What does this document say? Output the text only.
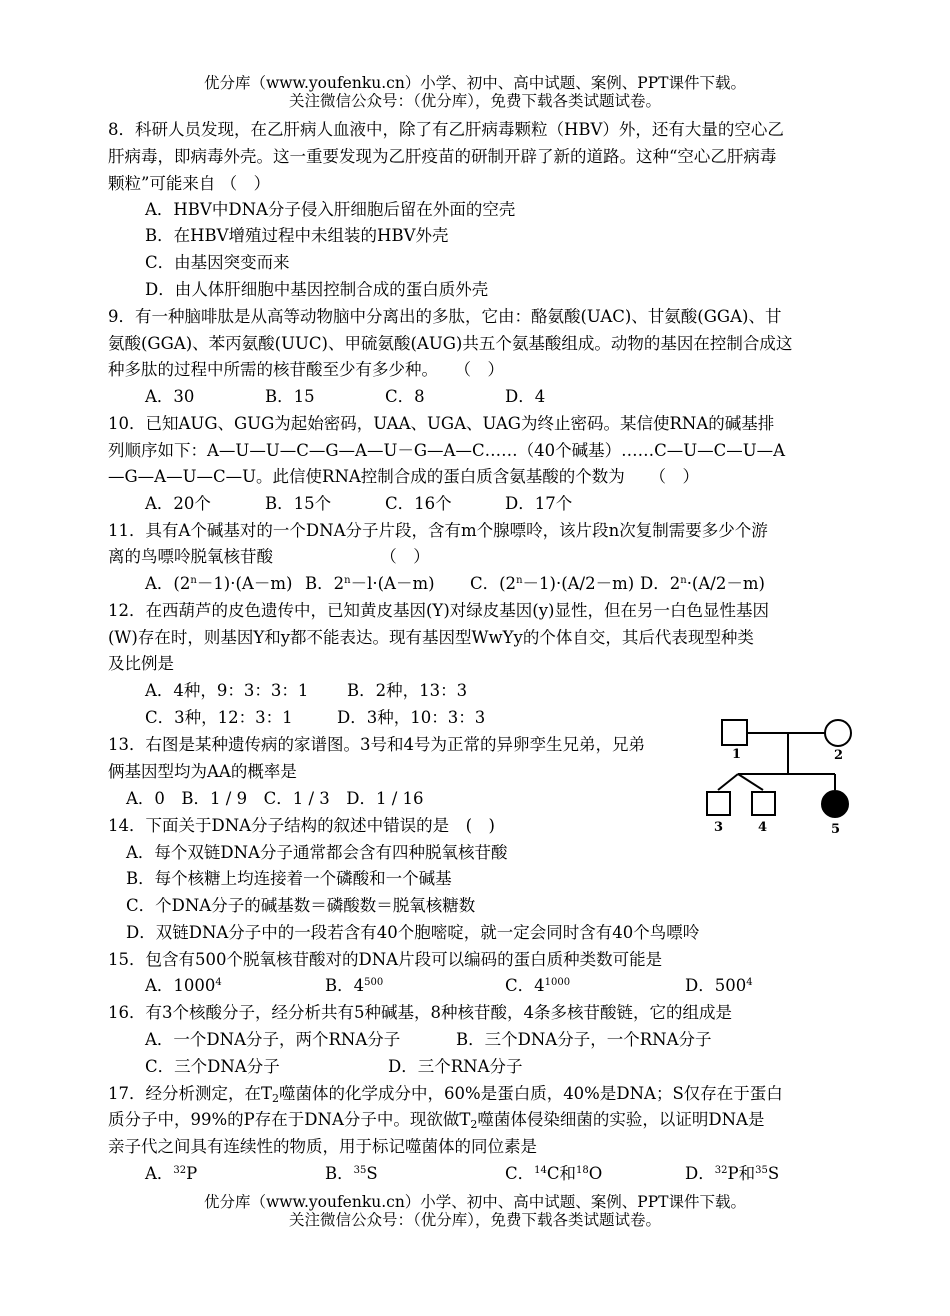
优分库（www.youfenku.cn）小学、初中、高中试题、案例、PPT课件下载。
关注微信公众号：（优分库），免费下载各类试题试卷。
8．科研人员发现，在乙肝病人血液中，除了有乙肝病毒颗粒（HBV）外，还有大量的空心乙
肝病毒，即病毒外壳。这一重要发现为乙肝疫苗的研制开辟了新的道路。这种“空心乙肝病毒
颗粒”可能来自 （　）
A．HBV中DNA分子侵入肝细胞后留在外面的空壳
B．在HBV增殖过程中未组装的HBV外壳
C．由基因突变而来
D．由人体肝细胞中基因控制合成的蛋白质外壳
9．有一种脑啡肽是从高等动物脑中分离出的多肽，它由：酪氨酸(UAC)、甘氨酸(GGA)、甘
氨酸(GGA)、苯丙氨酸(UUC)、甲硫氨酸(AUG)共五个氨基酸组成。动物的基因在控制合成这
种多肽的过程中所需的核苷酸至少有多少种。　　（　）
A．30	B．15	C．8	D．4
10．已知AUG、GUG为起始密码，UAA、UGA、UAG为终止密码。某信使RNA的碱基排
列顺序如下：A—U—U—C—G—A—U－G—A—C……（40个碱基）……C—U—C—U—A
—G—A—U—C—U。此信使RNA控制合成的蛋白质含氨基酸的个数为　　（　）
A．20个	B．15个	C．16个	D．17个
11．具有A个碱基对的一个DNA分子片段，含有m个腺嘌呤，该片段n次复制需要多少个游
离的鸟嘌呤脱氧核苷酸　　　　　　　（　）
A．$(2^n-1)\cdot(A-m)$ B．$2^n-l\cdot(A-m)$ C．$(2^n-1)\cdot(A/2-m)$ D．$2^n\cdot(A/2-m)$
12．在西葫芦的皮色遗传中，已知黄皮基因(Y)对绿皮基因(y)显性，但在另一白色显性基因
(W)存在时，则基因Y和y都不能表达。现有基因型WwYy的个体自交，其后代表现型种类
及比例是
A．4种，9：3：3：1 B．2种，13：3
C．3种，12：3：1	D．3种，10：3：3
13．右图是某种遗传病的家谱图。3号和4号为正常的异卵孪生兄弟，兄弟
俩基因型均为AA的概率是
A．0　B．1 / 9　C．1 / 3　D．1 / 16
1	2
3	4	5
14．下面关于DNA分子结构的叙述中错误的是　(　)
A．每个双链DNA分子通常都会含有四种脱氧核苷酸
B．每个核糖上均连接着一个磷酸和一个碱基
C．个DNA分子的碱基数＝磷酸数＝脱氧核糖数
D．双链DNA分子中的一段若含有40个胞嘧啶，就一定会同时含有40个鸟嘌呤
15．包含有500个脱氧核苷酸对的DNA片段可以编码的蛋白质种类数可能是
A．1000$^4$	B．$4^{500}$	C．$4^{1000}$	D．$500^4$
16．有3个核酸分子，经分析共有5种碱基，8种核苷酸，4条多核苷酸链，它的组成是
A．一个DNA分子，两个RNA分子	B．三个DNA分子，一个RNA分子
C．三个DNA分子	D．三个RNA分子
17．经分析测定，在$T_2$噬菌体的化学成分中，60%是蛋白质，40%是DNA；S仅存在于蛋白
质分子中，99%的P存在于DNA分子中。现欲做$T_2$噬菌体侵染细菌的实验，以证明DNA是
亲子代之间具有连续性的物质，用于标记噬菌体的同位素是
A．$^{32}$P	B．$^{35}$S	C．$^{14}$C和$^{18}$O	D．$^{32}$P和$^{35}$S
优分库（www.youfenku.cn）小学、初中、高中试题、案例、PPT课件下载。
关注微信公众号：（优分库），免费下载各类试题试卷。
